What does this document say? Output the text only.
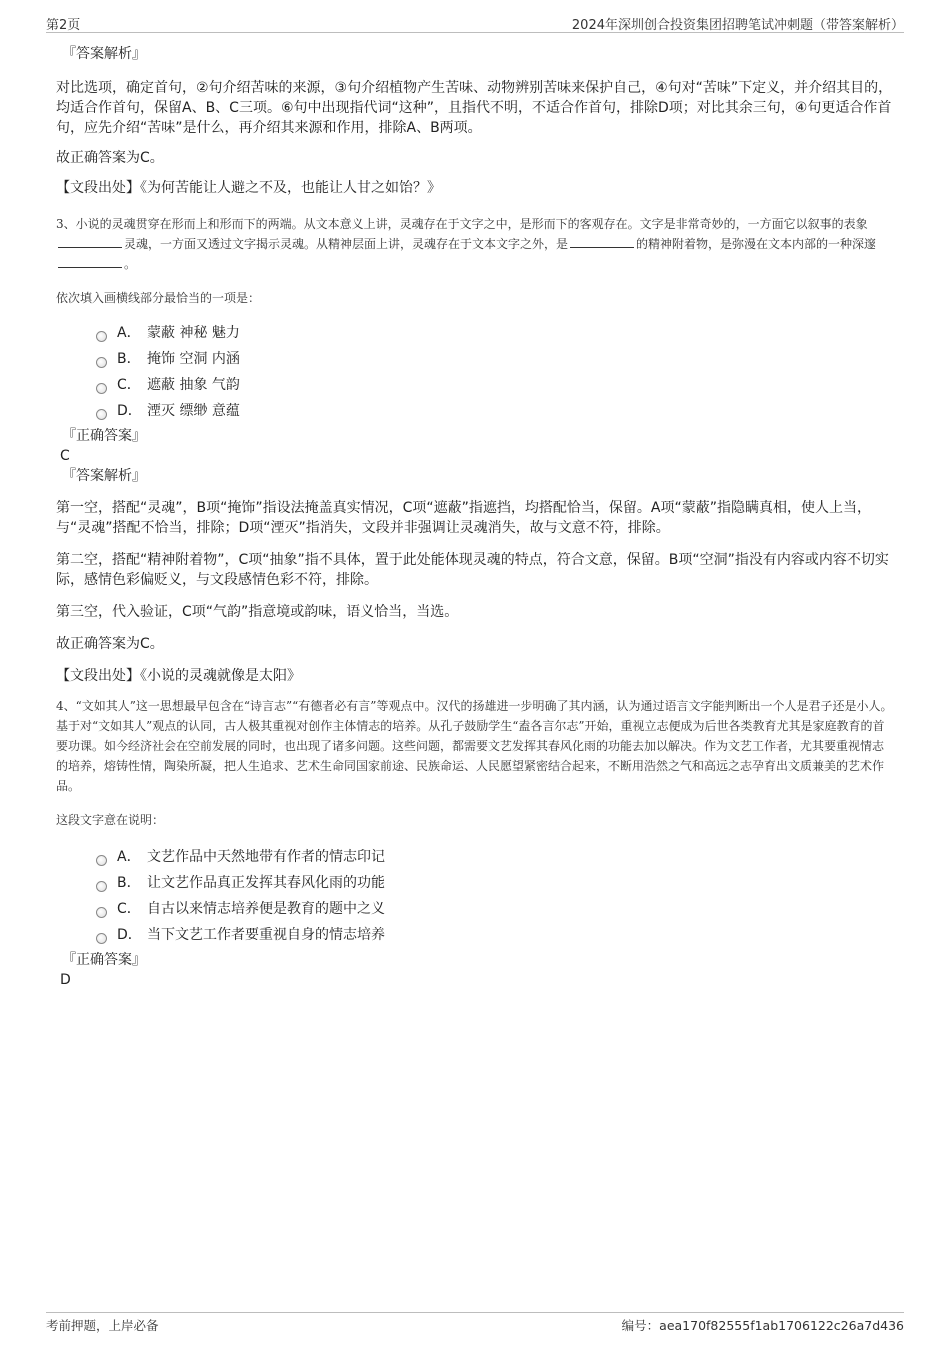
第2页	2024年深圳创合投资集团招聘笔试冲刺题（带答案解析）

『答案解析』

对比选项，确定首句，②句介绍苦味的来源，③句介绍植物产生苦味、动物辨别苦味来保护自己，④句对“苦味”下定义，并介绍其目的，均适合作首句，保留A、B、C三项。⑥句中出现指代词“这种”，且指代不明，不适合作首句，排除D项；对比其余三句，④句更适合作首句，应先介绍“苦味”是什么，再介绍其来源和作用，排除A、B两项。

故正确答案为C。

【文段出处】《为何苦能让人避之不及，也能让人甘之如饴？》

3、小说的灵魂贯穿在形而上和形而下的两端。从文本意义上讲，灵魂存在于文字之中，是形而下的客观存在。文字是非常奇妙的，一方面它以叙事的表象灵魂，一方面又透过文字揭示灵魂。从精神层面上讲，灵魂存在于文本文字之外，是	的精神附着物，是弥漫在文本内部的一种深邃。

依次填入画横线部分最恰当的一项是：

A． 蒙蔽 神秘 魅力
B． 掩饰 空洞 内涵
C． 遮蔽 抽象 气韵
D． 湮灭 缥缈 意蕴

『正确答案』

C

『答案解析』

第一空，搭配“灵魂”，B项“掩饰”指设法掩盖真实情况，C项“遮蔽”指遮挡，均搭配恰当，保留。A项“蒙蔽”指隐瞒真相，使人上当，与“灵魂”搭配不恰当，排除；D项“湮灭”指消失，文段并非强调让灵魂消失，故与文意不符，排除。

第二空，搭配“精神附着物”，C项“抽象”指不具体，置于此处能体现灵魂的特点，符合文意，保留。B项“空洞”指没有内容或内容不切实际，感情色彩偏贬义，与文段感情色彩不符，排除。

第三空，代入验证，C项“气韵”指意境或韵味，语义恰当，当选。

故正确答案为C。

【文段出处】《小说的灵魂就像是太阳》

4、“文如其人”这一思想最早包含在“诗言志”“有德者必有言”等观点中。汉代的扬雄进一步明确了其内涵，认为通过语言文字能判断出一个人是君子还是小人。基于对“文如其人”观点的认同，古人极其重视对创作主体情志的培养。从孔子鼓励学生“盍各言尔志”开始，重视立志便成为后世各类教育尤其是家庭教育的首要功课。如今经济社会在空前发展的同时，也出现了诸多问题。这些问题，都需要文艺发挥其春风化雨的功能去加以解决。作为文艺工作者，尤其要重视情志的培养，熔铸性情，陶染所凝，把人生追求、艺术生命同国家前途、民族命运、人民愿望紧密结合起来，不断用浩然之气和高远之志孕育出文质兼美的艺术作品。

这段文字意在说明：

A． 文艺作品中天然地带有作者的情志印记
B． 让文艺作品真正发挥其春风化雨的功能
C． 自古以来情志培养便是教育的题中之义
D． 当下文艺工作者要重视自身的情志培养

『正确答案』

D

考前押题，上岸必备	编号：aea170f82555f1ab1706122c26a7d436
